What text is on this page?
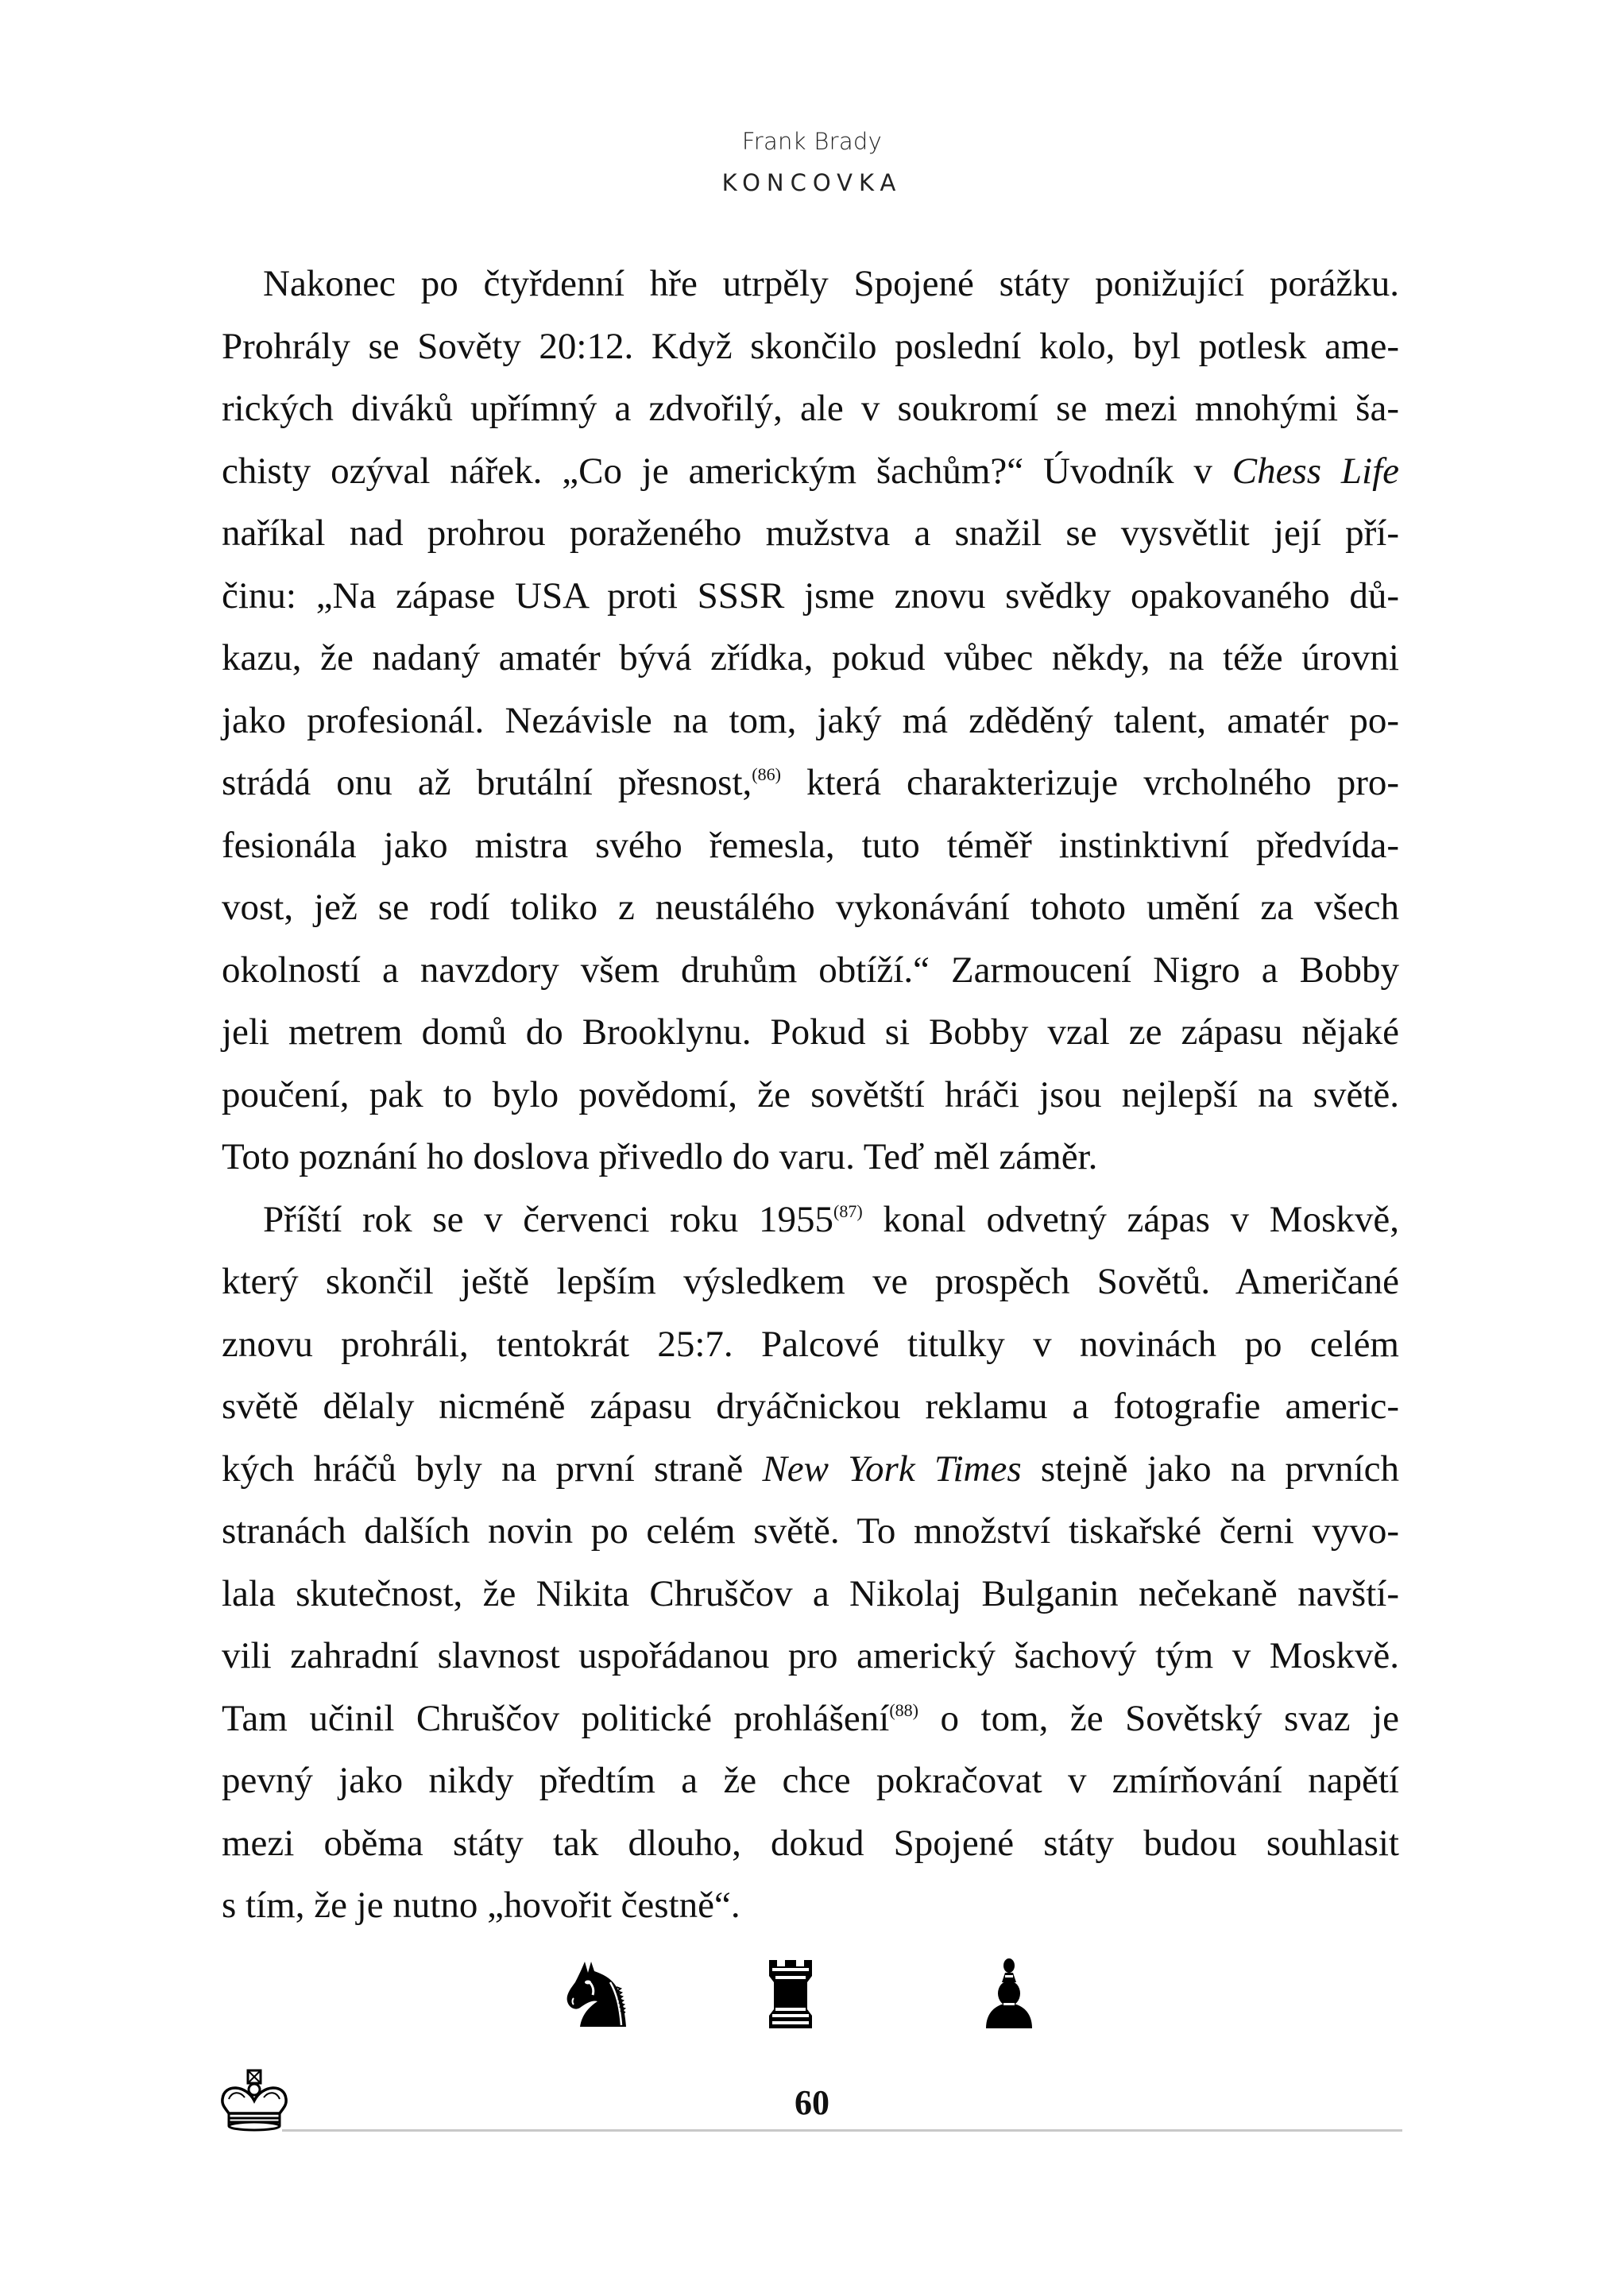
Frank Brady
KONCOVKA
Nakonec po čtyřdenní hře utrpěly Spojené státy ponižující porážku.
Prohrály se Sověty 20:12. Když skončilo poslední kolo, byl potlesk ame-
rických diváků upřímný a zdvořilý, ale v soukromí se mezi mnohými ša-
chisty ozýval nářek. „Co je americkým šachům?“ Úvodník v Chess Life
naříkal nad prohrou poraženého mužstva a snažil se vysvětlit její pří-
činu: „Na zápase USA proti SSSR jsme znovu svědky opakovaného dů-
kazu, že nadaný amatér bývá zřídka, pokud vůbec někdy, na téže úrovni
jako profesionál. Nezávisle na tom, jaký má zděděný talent, amatér po-
strádá onu až brutální přesnost,$^{(86)}$ která charakterizuje vrcholného pro-
fesionála jako mistra svého řemesla, tuto téměř instinktivní předvída-
vost, jež se rodí toliko z neustálého vykonávání tohoto umění za všech
okolností a navzdory všem druhům obtíží.“ Zarmoucení Nigro a Bobby
jeli metrem domů do Brooklynu. Pokud si Bobby vzal ze zápasu nějaké
poučení, pak to bylo povědomí, že sovětští hráči jsou nejlepší na světě.
Toto poznání ho doslova přivedlo do varu. Teď měl záměr.
Příští rok se v červenci roku 1955$^{(87)}$ konal odvetný zápas v Moskvě,
který skončil ještě lepším výsledkem ve prospěch Sovětů. Američané
znovu prohráli, tentokrát 25:7. Palcové titulky v novinách po celém
světě dělaly nicméně zápasu dryáčnickou reklamu a fotografie americ-
kých hráčů byly na první straně New York Times stejně jako na prvních
stranách dalších novin po celém světě. To množství tiskařské černi vyvo-
lala skutečnost, že Nikita Chruščov a Nikolaj Bulganin nečekaně navští-
vili zahradní slavnost uspořádanou pro americký šachový tým v Moskvě.
Tam učinil Chruščov politické prohlášení$^{(88)}$ o tom, že Sovětský svaz je
pevný jako nikdy předtím a že chce pokračovat v zmírňování napětí
mezi oběma státy tak dlouho, dokud Spojené státy budou souhlasit
s tím, že je nutno „hovořit čestně“.
60
